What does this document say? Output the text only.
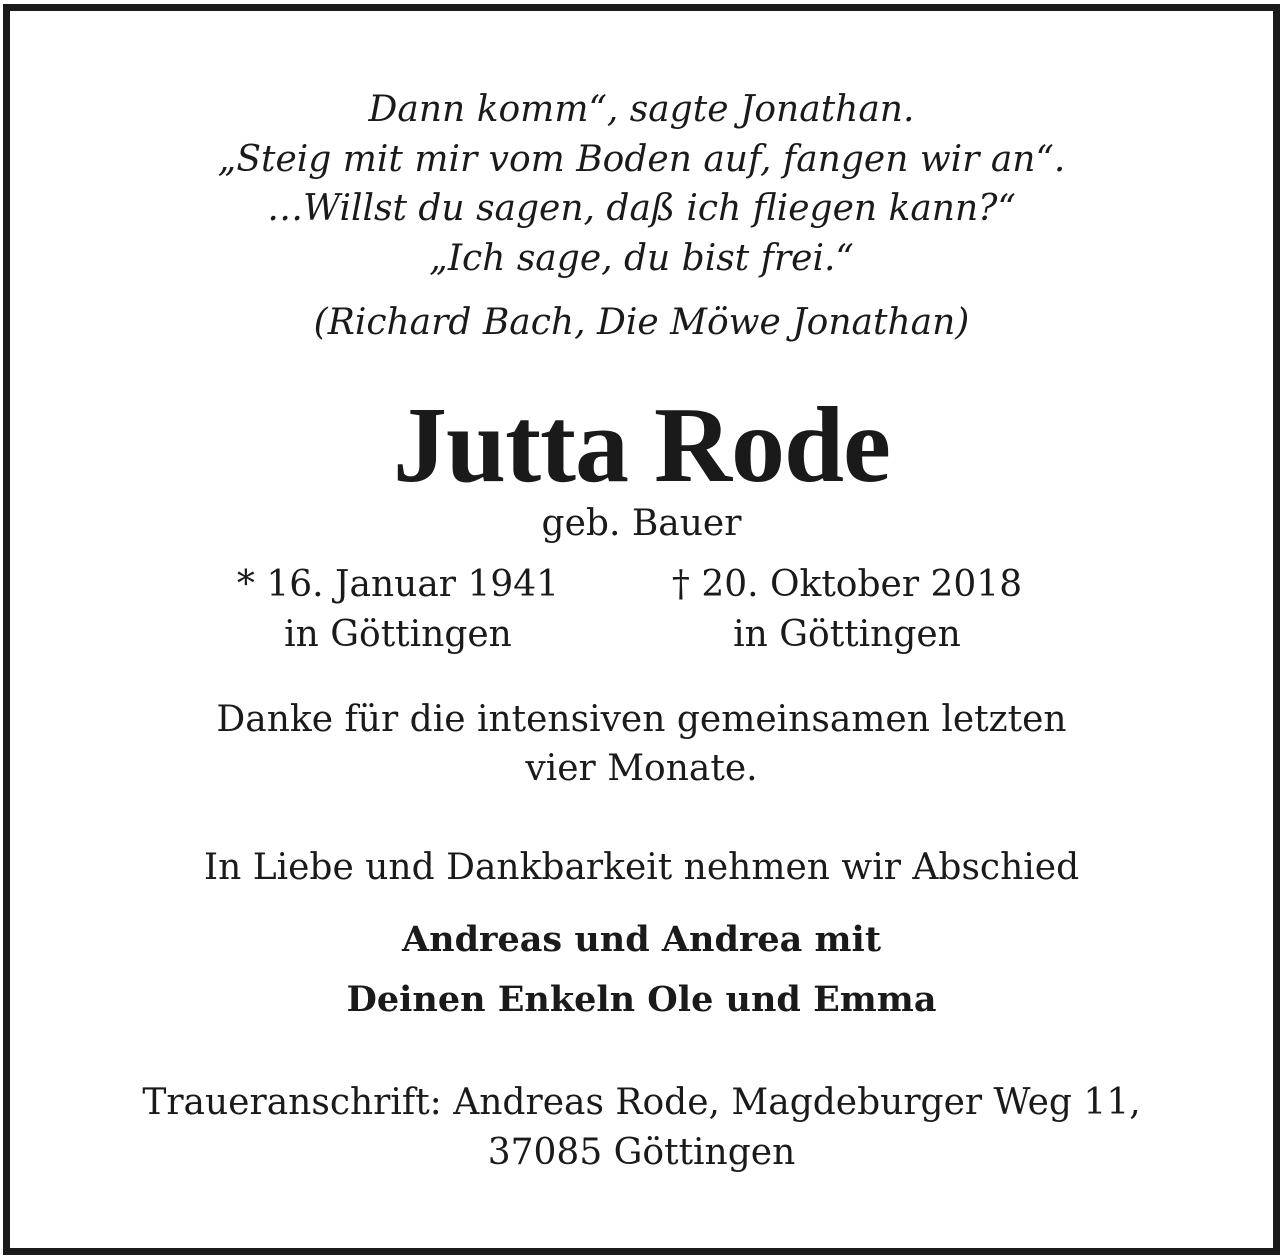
Dann komm“, sagte Jonathan.
„Steig mit mir vom Boden auf, fangen wir an“.
…Willst du sagen, daß ich fliegen kann?“
„Ich sage, du bist frei.“
(Richard Bach, Die Möwe Jonathan)
Jutta Rode
geb. Bauer
* 16. Januar 1941
in Göttingen
† 20. Oktober 2018
in Göttingen
Danke für die intensiven gemeinsamen letzten
vier Monate.
In Liebe und Dankbarkeit nehmen wir Abschied
Andreas und Andrea mit
Deinen Enkeln Ole und Emma
Traueranschrift: Andreas Rode, Magdeburger Weg 11,
37085 Göttingen
